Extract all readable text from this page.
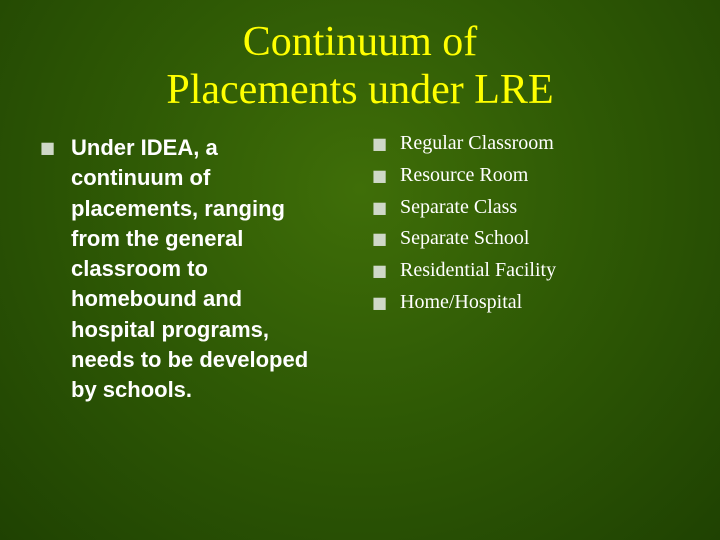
Continuum of
Placements under LRE
■ Under IDEA, a
continuum of
placements, ranging
from the general
classroom to
homebound and
hospital programs,
needs to be developed
by schools.
■ Regular Classroom
■ Resource Room
■ Separate Class
■ Separate School
■ Residential Facility
■ Home/Hospital
